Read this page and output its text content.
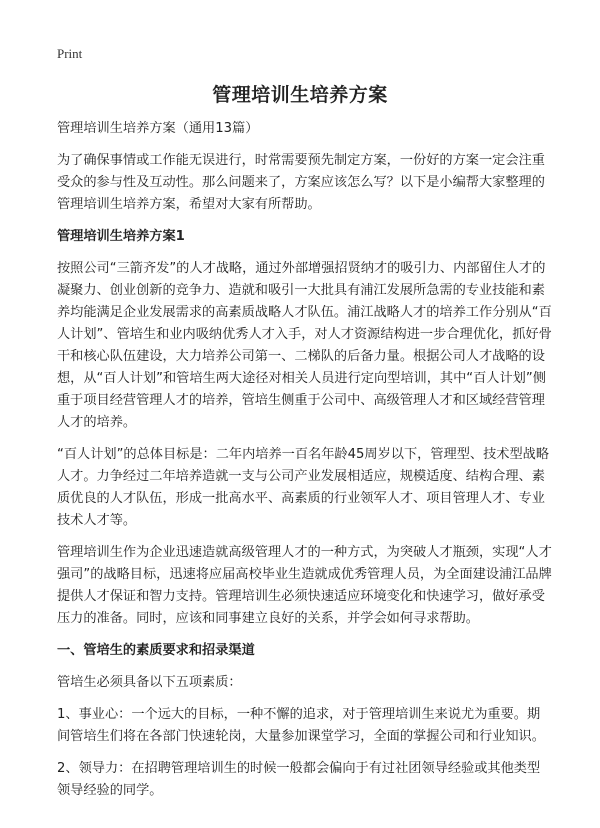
Print
管理培训生培养方案

管理培训生培养方案（通用13篇）

为了确保事情或工作能无误进行，时常需要预先制定方案，一份好的方案一定会注重受众的参与性及互动性。那么问题来了，方案应该怎么写？以下是小编帮大家整理的管理培训生培养方案，希望对大家有所帮助。

管理培训生培养方案1

按照公司“三箭齐发”的人才战略，通过外部增强招贤纳才的吸引力、内部留住人才的凝聚力、创业创新的竞争力、造就和吸引一大批具有浦江发展所急需的专业技能和素养均能满足企业发展需求的高素质战略人才队伍。浦江战略人才的培养工作分别从“百人计划”、管培生和业内吸纳优秀人才入手，对人才资源结构进一步合理优化，抓好骨干和核心队伍建设，大力培养公司第一、二梯队的后备力量。根据公司人才战略的设想，从“百人计划”和管培生两大途径对相关人员进行定向型培训，其中“百人计划”侧重于项目经营管理人才的培养，管培生侧重于公司中、高级管理人才和区域经营管理人才的培养。

“百人计划”的总体目标是：二年内培养一百名年龄45周岁以下，管理型、技术型战略人才。力争经过二年培养造就一支与公司产业发展相适应，规模适度、结构合理、素质优良的人才队伍，形成一批高水平、高素质的行业领军人才、项目管理人才、专业技术人才等。

管理培训生作为企业迅速造就高级管理人才的一种方式，为突破人才瓶颈，实现“人才强司”的战略目标，迅速将应届高校毕业生造就成优秀管理人员，为全面建设浦江品牌提供人才保证和智力支持。管理培训生必须快速适应环境变化和快速学习，做好承受压力的准备。同时，应该和同事建立良好的关系，并学会如何寻求帮助。

一、管培生的素质要求和招录渠道

管培生必须具备以下五项素质：

1、事业心：一个远大的目标，一种不懈的追求，对于管理培训生来说尤为重要。期间管培生们将在各部门快速轮岗，大量参加课堂学习，全面的掌握公司和行业知识。

2、领导力：在招聘管理培训生的时候一般都会偏向于有过社团领导经验或其他类型领导经验的同学。
